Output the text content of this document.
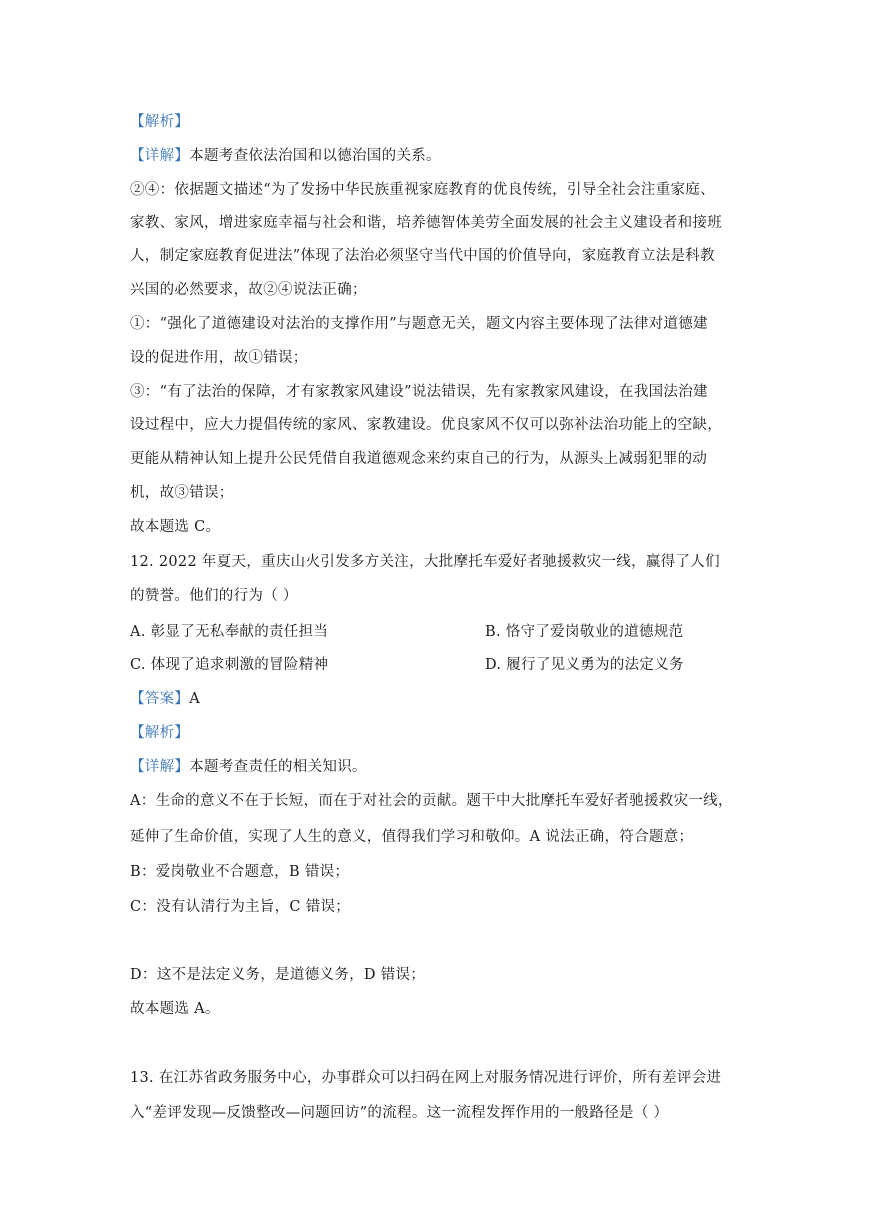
【解析】
【详解】本题考查依法治国和以德治国的关系。
②④：依据题文描述“为了发扬中华民族重视家庭教育的优良传统，引导全社会注重家庭、
家教、家风，增进家庭幸福与社会和谐，培养德智体美劳全面发展的社会主义建设者和接班
人，制定家庭教育促进法”体现了法治必须坚守当代中国的价值导向，家庭教育立法是科教
兴国的必然要求，故②④说法正确；
①：“强化了道德建设对法治的支撑作用”与题意无关，题文内容主要体现了法律对道德建
设的促进作用，故①错误；
③：“有了法治的保障，才有家教家风建设”说法错误，先有家教家风建设，在我国法治建
设过程中，应大力提倡传统的家风、家教建设。优良家风不仅可以弥补法治功能上的空缺，
更能从精神认知上提升公民凭借自我道德观念来约束自己的行为，从源头上减弱犯罪的动
机，故③错误；
故本题选 C。
12. 2022 年夏天，重庆山火引发多方关注，大批摩托车爱好者驰援救灾一线，赢得了人们
的赞誉。他们的行为（ ）
A. 彰显了无私奉献的责任担当	B. 恪守了爱岗敬业的道德规范
C. 体现了追求刺激的冒险精神	D. 履行了见义勇为的法定义务
【答案】A
【解析】
【详解】本题考查责任的相关知识。
A：生命的意义不在于长短，而在于对社会的贡献。题干中大批摩托车爱好者驰援救灾一线，
延伸了生命价值，实现了人生的意义，值得我们学习和敬仰。A 说法正确，符合题意；
B：爱岗敬业不合题意，B 错误；
C：没有认清行为主旨，C 错误；
D：这不是法定义务，是道德义务，D 错误；
故本题选 A。
13. 在江苏省政务服务中心，办事群众可以扫码在网上对服务情况进行评价，所有差评会进
入“差评发现—反馈整改—问题回访”的流程。这一流程发挥作用的一般路径是（ ）
